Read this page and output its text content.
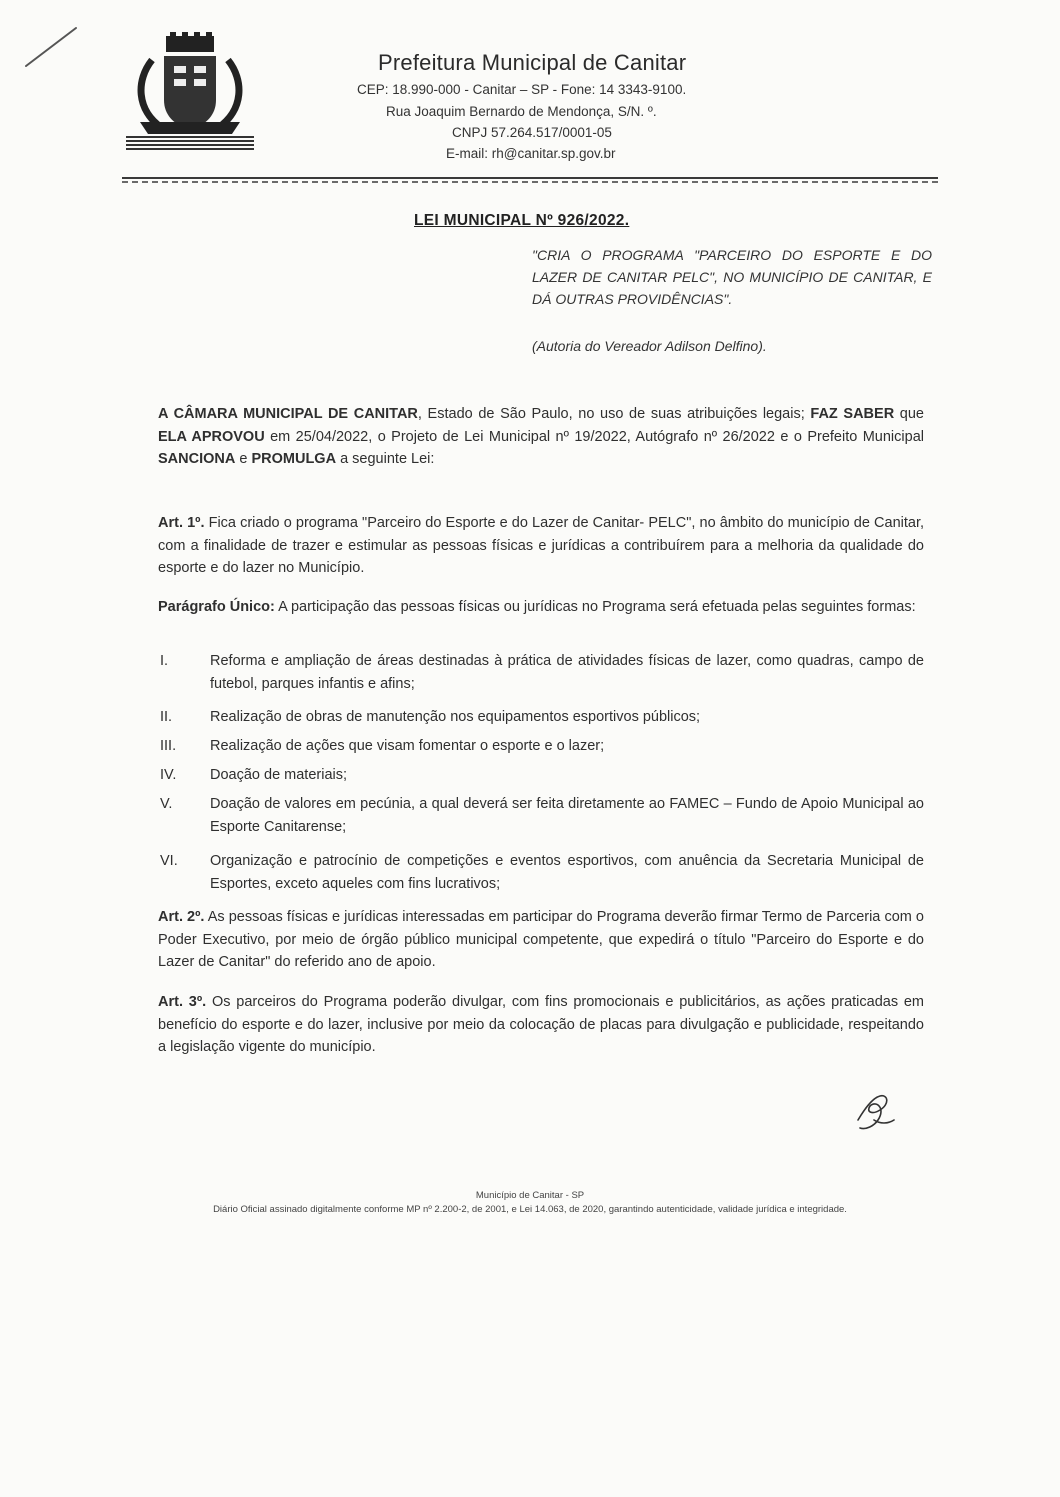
Prefeitura Municipal de Canitar
CEP: 18.990-000 - Canitar – SP - Fone: 14 3343-9100.
Rua Joaquim Bernardo de Mendonça, S/N. º.
CNPJ 57.264.517/0001-05
E-mail: rh@canitar.sp.gov.br
LEI MUNICIPAL Nº 926/2022.
"CRIA O PROGRAMA "PARCEIRO DO ESPORTE E DO LAZER DE CANITAR PELC", NO MUNICÍPIO DE CANITAR, E DÁ OUTRAS PROVIDÊNCIAS".
(Autoria do Vereador Adilson Delfino).
A CÂMARA MUNICIPAL DE CANITAR, Estado de São Paulo, no uso de suas atribuições legais; FAZ SABER que ELA APROVOU em 25/04/2022, o Projeto de Lei Municipal nº 19/2022, Autógrafo nº 26/2022 e o Prefeito Municipal SANCIONA e PROMULGA a seguinte Lei:
Art. 1º. Fica criado o programa "Parceiro do Esporte e do Lazer de Canitar- PELC", no âmbito do município de Canitar, com a finalidade de trazer e estimular as pessoas físicas e jurídicas a contribuírem para a melhoria da qualidade do esporte e do lazer no Município.
Parágrafo Único: A participação das pessoas físicas ou jurídicas no Programa será efetuada pelas seguintes formas:
I.	Reforma e ampliação de áreas destinadas à prática de atividades físicas de lazer, como quadras, campo de futebol, parques infantis e afins;
II.	Realização de obras de manutenção nos equipamentos esportivos públicos;
III.	Realização de ações que visam fomentar o esporte e o lazer;
IV.	Doação de materiais;
V.	Doação de valores em pecúnia, a qual deverá ser feita diretamente ao FAMEC – Fundo de Apoio Municipal ao Esporte Canitarense;
VI.	Organização e patrocínio de competições e eventos esportivos, com anuência da Secretaria Municipal de Esportes, exceto aqueles com fins lucrativos;
Art. 2º. As pessoas físicas e jurídicas interessadas em participar do Programa deverão firmar Termo de Parceria com o Poder Executivo, por meio de órgão público municipal competente, que expedirá o título "Parceiro do Esporte e do Lazer de Canitar" do referido ano de apoio.
Art. 3º. Os parceiros do Programa poderão divulgar, com fins promocionais e publicitários, as ações praticadas em benefício do esporte e do lazer, inclusive por meio da colocação de placas para divulgação e publicidade, respeitando a legislação vigente do município.
Município de Canitar - SP
Diário Oficial assinado digitalmente conforme MP nº 2.200-2, de 2001, e Lei 14.063, de 2020, garantindo autenticidade, validade jurídica e integridade.
